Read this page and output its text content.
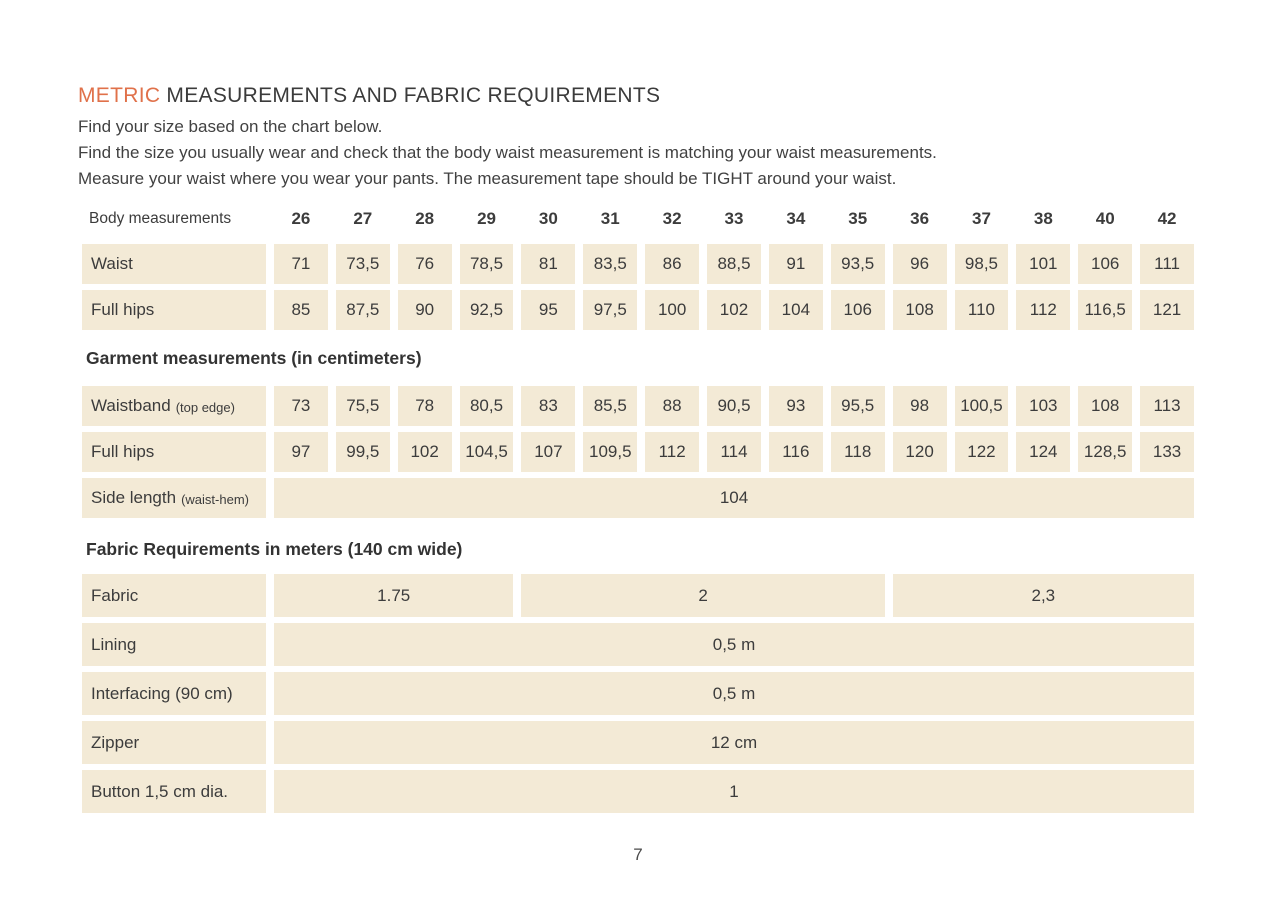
METRIC MEASUREMENTS AND FABRIC REQUIREMENTS

Find your size based on the chart below.

Find the size you usually wear and check that the body waist measurement is matching your waist measurements.

Measure your waist where you wear your pants. The measurement tape should be TIGHT around your waist.

Body measurements	26	27	28	29	30	31	32	33	34	35	36	37	38	40	42
Waist	71	73,5	76	78,5	81	83,5	86	88,5	91	93,5	96	98,5	101	106	111
Full hips	85	87,5	90	92,5	95	97,5	100	102	104	106	108	110	112	116,5	121
Garment measurements (in centimeters)
Waistband (top edge)	73	75,5	78	80,5	83	85,5	88	90,5	93	95,5	98	100,5	103	108	113
Full hips	97	99,5	102	104,5	107	109,5	112	114	116	118	120	122	124	128,5	133
Side length (waist-hem)	104
Fabric Requirements in meters (140 cm wide)
Fabric	1.75	2	2,3
Lining	0,5 m
Interfacing (90 cm)	0,5 m
Zipper	12 cm
Button 1,5 cm dia.	1
7
